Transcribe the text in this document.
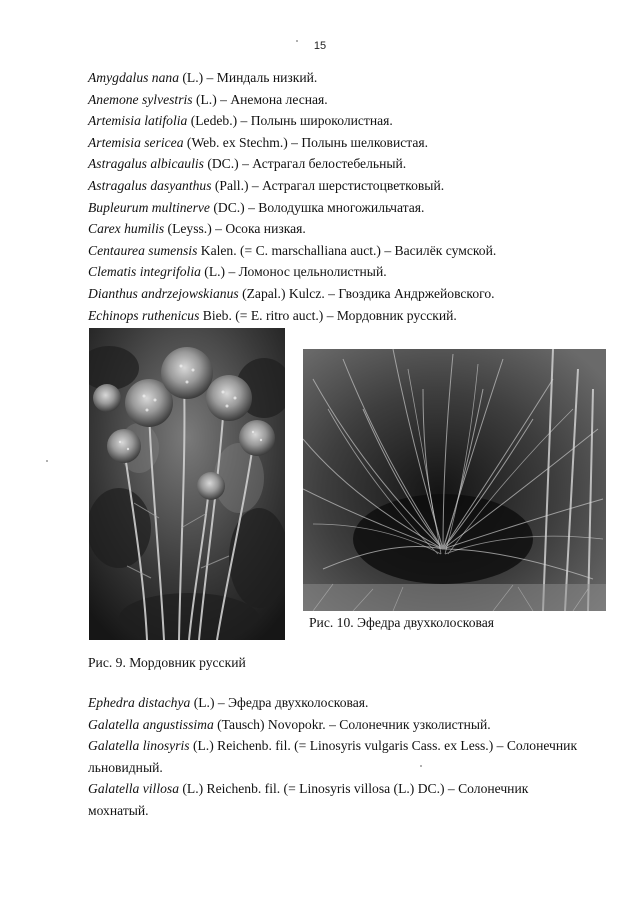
15
Amygdalus nana (L.) – Миндаль низкий.
Anemone sylvestris (L.) – Анемона лесная.
Artemisia latifolia (Ledeb.) – Полынь широколистная.
Artemisia sericea (Web. ex Stechm.) – Полынь шелковистая.
Astragalus albicaulis (DC.) – Астрагал белостебельный.
Astragalus dasyanthus (Pall.) – Астрагал шерстистоцветковый.
Bupleurum multinerve (DC.) – Володушка многожильчатая.
Carex humilis (Leyss.) – Осока низкая.
Centaurea sumensis Kalen. (= C. marschalliana auct.) – Василёк сумской.
Clematis integrifolia (L.) – Ломонос цельнолистный.
Dianthus andrzejowskianus (Zapal.) Kulcz. – Гвоздика Андржейовского.
Echinops ruthenicus Bieb. (= E. ritro auct.) – Мордовник русский.
Рис. 10. Эфедра двухколосковая
Рис. 9. Мордовник русский
Ephedra distachya (L.) – Эфедра двухколосковая.
Galatella angustissima (Tausch) Novopokr. – Солонечник узколистный.
Galatella linosyris (L.) Reichenb. fil. (= Linosyris vulgaris Cass. ex Less.) – Солонечник льновидный.
Galatella villosa (L.) Reichenb. fil. (= Linosyris villosa (L.) DC.) – Солонечник мохнатый.
